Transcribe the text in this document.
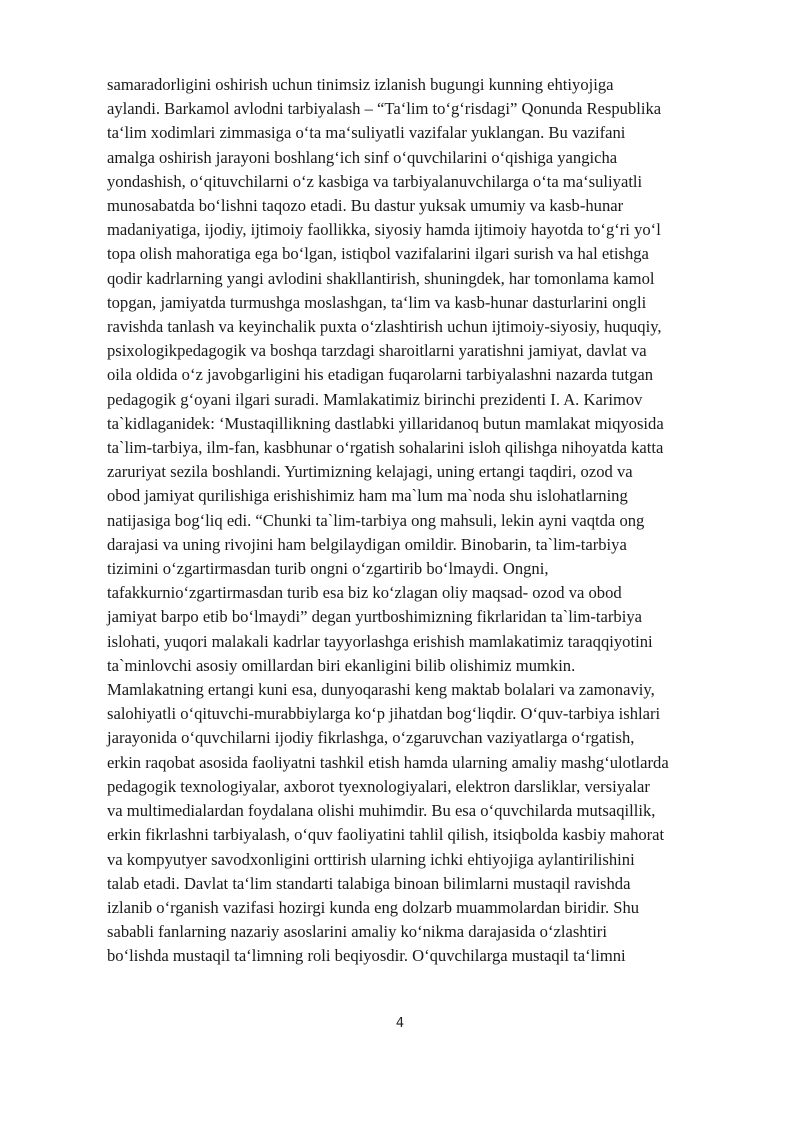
samaradorligini oshirish uchun tinimsiz izlanish bugungi kunning ehtiyojiga
aylandi. Barkamol avlodni tarbiyalash – “Ta‘lim to‘g‘risdagi” Qonunda Respublika
ta‘lim xodimlari zimmasiga o‘ta ma‘suliyatli vazifalar yuklangan. Bu vazifani
amalga oshirish jarayoni boshlang‘ich sinf o‘quvchilarini o‘qishiga yangicha
yondashish, o‘qituvchilarni o‘z kasbiga va tarbiyalanuvchilarga o‘ta ma‘suliyatli
munosabatda bo‘lishni taqozo etadi. Bu dastur yuksak umumiy va kasb-hunar
madaniyatiga, ijodiy, ijtimoiy faollikka, siyosiy hamda ijtimoiy hayotda to‘g‘ri yo‘l
topa olish mahoratiga ega bo‘lgan, istiqbol vazifalarini ilgari surish va hal etishga
qodir kadrlarning yangi avlodini shakllantirish, shuningdek, har tomonlama kamol
topgan, jamiyatda turmushga moslashgan, ta‘lim va kasb-hunar dasturlarini ongli
ravishda tanlash va keyinchalik puxta o‘zlashtirish uchun ijtimoiy-siyosiy, huquqiy,
psixologikpedagogik va boshqa tarzdagi sharoitlarni yaratishni jamiyat, davlat va
oila oldida o‘z javobgarligini his etadigan fuqarolarni tarbiyalashni nazarda tutgan
pedagogik g‘oyani ilgari suradi. Mamlakatimiz birinchi prezidenti I. A. Karimov
ta`kidlaganidek: ‘Mustaqillikning dastlabki yillaridanoq butun mamlakat miqyosida
ta`lim-tarbiya, ilm-fan, kasbhunar o‘rgatish sohalarini isloh qilishga nihoyatda katta
zaruriyat sezila boshlandi. Yurtimizning kelajagi, uning ertangi taqdiri, ozod va
obod jamiyat qurilishiga erishishimiz ham ma`lum ma`noda shu islohatlarning
natijasiga bog‘liq edi. “Chunki ta`lim-tarbiya ong mahsuli, lekin ayni vaqtda ong
darajasi va uning rivojini ham belgilaydigan omildir. Binobarin, ta`lim-tarbiya
tizimini o‘zgartirmasdan turib ongni o‘zgartirib bo‘lmaydi. Ongni,
tafakkurnio‘zgartirmasdan turib esa biz ko‘zlagan oliy maqsad- ozod va obod
jamiyat barpo etib bo‘lmaydi” degan yurtboshimizning fikrlaridan ta`lim-tarbiya
islohati, yuqori malakali kadrlar tayyorlashga erishish mamlakatimiz taraqqiyotini
ta`minlovchi asosiy omillardan biri ekanligini bilib olishimiz mumkin.
Mamlakatning ertangi kuni esa, dunyoqarashi keng maktab bolalari va zamonaviy,
salohiyatli o‘qituvchi-murabbiylarga ko‘p jihatdan bog‘liqdir. O‘quv-tarbiya ishlari
jarayonida o‘quvchilarni ijodiy fikrlashga, o‘zgaruvchan vaziyatlarga o‘rgatish,
erkin raqobat asosida faoliyatni tashkil etish hamda ularning amaliy mashg‘ulotlarda
pedagogik texnologiyalar, axborot tyexnologiyalari, elektron darsliklar, versiyalar
va multimedialardan foydalana olishi muhimdir. Bu esa o‘quvchilarda mutsaqillik,
erkin fikrlashni tarbiyalash, o‘quv faoliyatini tahlil qilish, itsiqbolda kasbiy mahorat
va kompyutyer savodxonligini orttirish ularning ichki ehtiyojiga aylantirilishini
talab etadi. Davlat ta‘lim standarti talabiga binoan bilimlarni mustaqil ravishda
izlanib o‘rganish vazifasi hozirgi kunda eng dolzarb muammolardan biridir. Shu
sababli fanlarning nazariy asoslarini amaliy ko‘nikma darajasida o‘zlashtiri
bo‘lishda mustaqil ta‘limning roli beqiyosdir. O‘quvchilarga mustaqil ta‘limni
4
